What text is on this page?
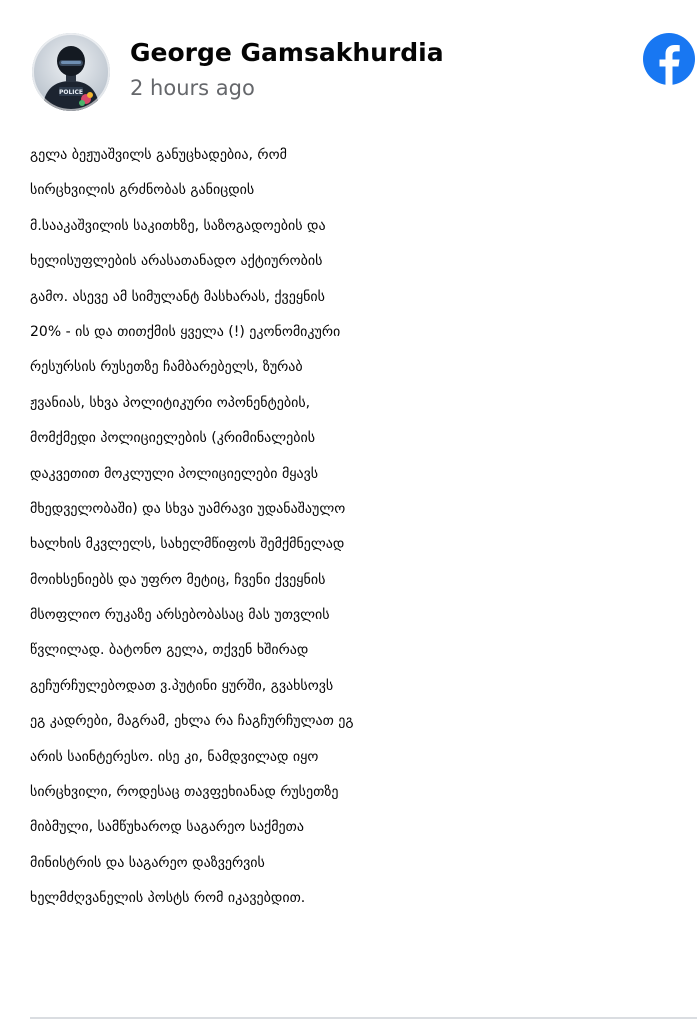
POLICE
George Gamsakhurdia
2 hours ago
გელა ბეჟუაშვილს განუცხადებია, რომ
სირცხვილის გრძნობას განიცდის
მ.სააკაშვილის საკითხზე, საზოგადოების და
ხელისუფლების არასათანადო აქტიურობის
გამო. ასევე ამ სიმულანტ მასხარას, ქვეყნის
20% - ის და თითქმის ყველა (!) ეკონომიკური
რესურსის რუსეთზე ჩამბარებელს, ზურაბ
ჟვანიას, სხვა პოლიტიკური ოპონენტების,
მომქმედი პოლიციელების (კრიმინალების
დაკვეთით მოკლული პოლიციელები მყავს
მხედველობაში) და სხვა უამრავი უდანაშაულო
ხალხის მკვლელს, სახელმწიფოს შემქმნელად
მოიხსენიებს და უფრო მეტიც, ჩვენი ქვეყნის
მსოფლიო რუკაზე არსებობასაც მას უთვლის
წვლილად. ბატონო გელა, თქვენ ხშირად
გეჩურჩულებოდათ ვ.პუტინი ყურში, გვახსოვს
ეგ კადრები, მაგრამ, ეხლა რა ჩაგჩურჩულათ ეგ
არის საინტერესო. ისე კი, ნამდვილად იყო
სირცხვილი, როდესაც თავფეხიანად რუსეთზე
მიბმული, სამწუხაროდ საგარეო საქმეთა
მინისტრის და საგარეო დაზვერვის
ხელმძღვანელის პოსტს რომ იკავებდით.
